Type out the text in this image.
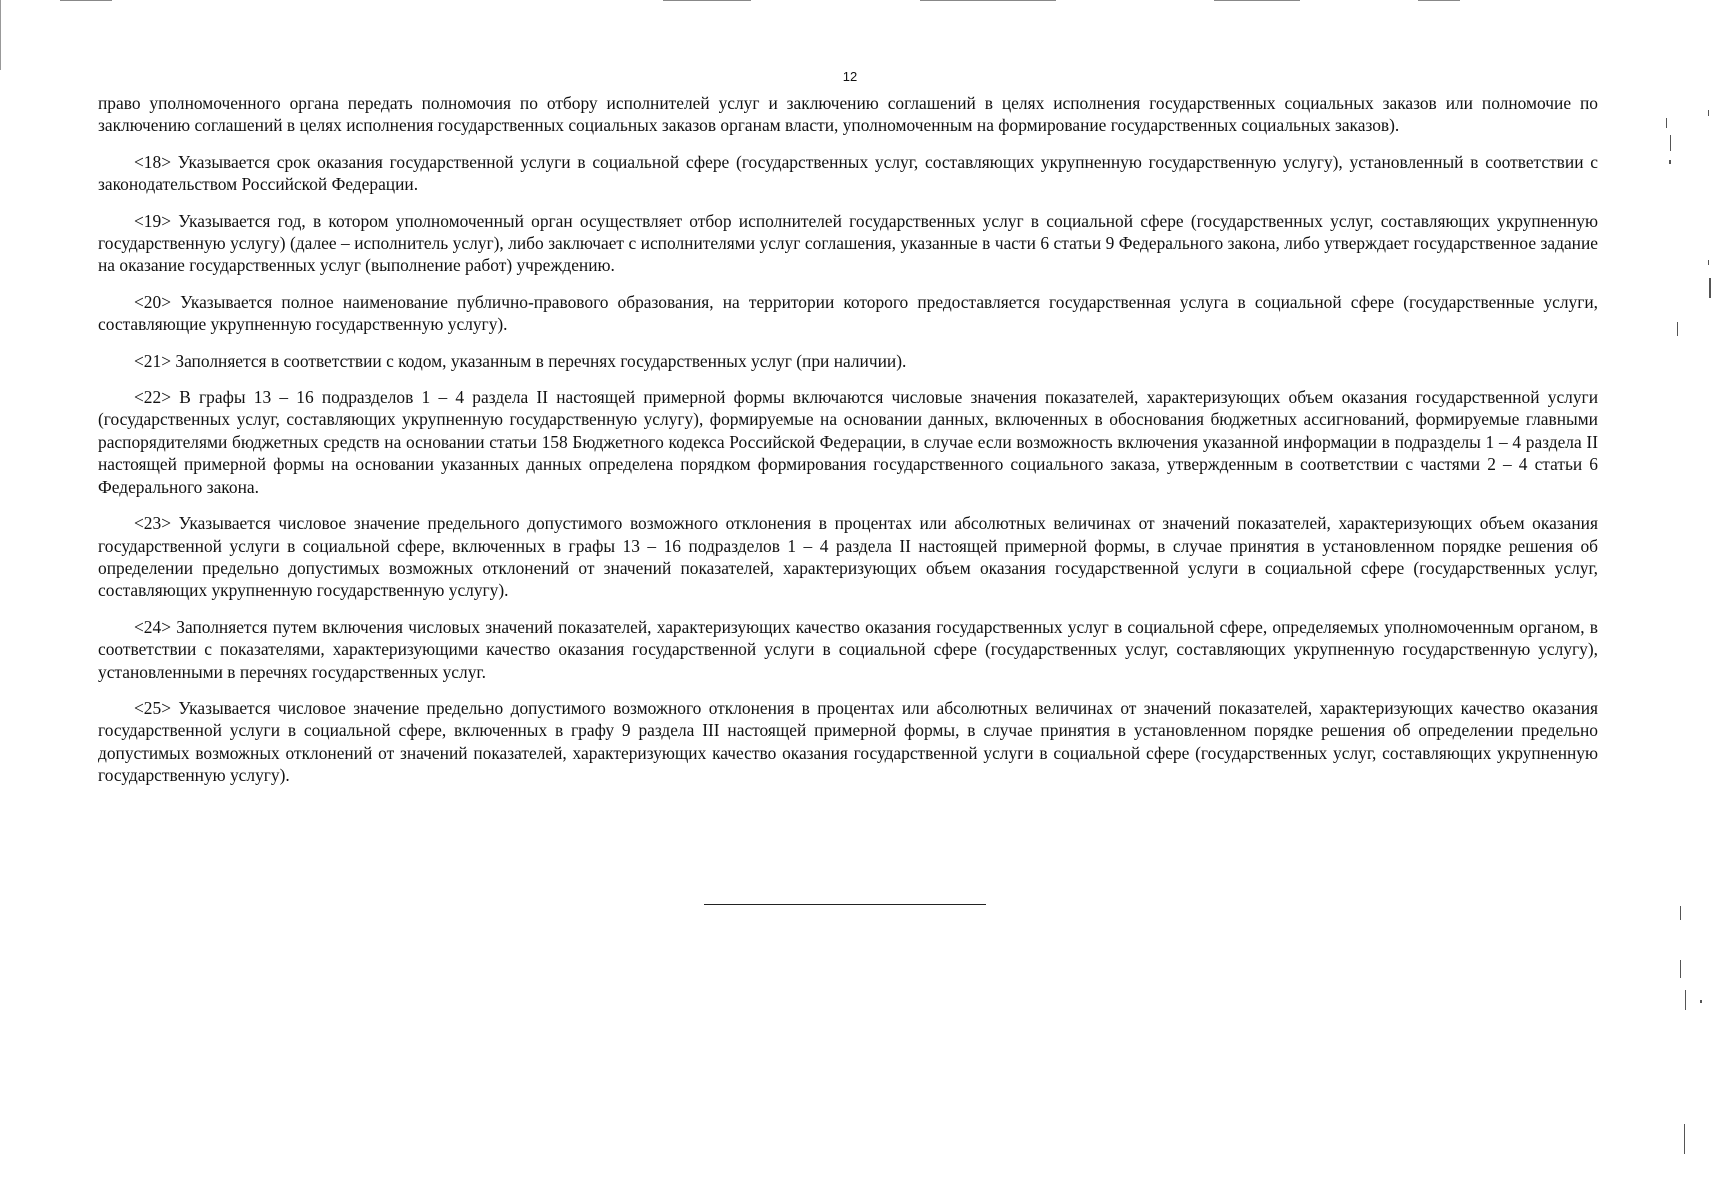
12

право уполномоченного органа передать полномочия по отбору исполнителей услуг и заключению соглашений в целях исполнения государственных социальных заказов или полномочие по заключению соглашений в целях исполнения государственных социальных заказов органам власти, уполномоченным на формирование государственных социальных заказов).

<18> Указывается срок оказания государственной услуги в социальной сфере (государственных услуг, составляющих укрупненную государственную услугу), установленный в соответствии с законодательством Российской Федерации.

<19> Указывается год, в котором уполномоченный орган осуществляет отбор исполнителей государственных услуг в социальной сфере (государственных услуг, составляющих укрупненную государственную услугу) (далее – исполнитель услуг), либо заключает с исполнителями услуг соглашения, указанные в части 6 статьи 9 Федерального закона, либо утверждает государственное задание на оказание государственных услуг (выполнение работ) учреждению.

<20> Указывается полное наименование публично-правового образования, на территории которого предоставляется государственная услуга в социальной сфере (государственные услуги, составляющие укрупненную государственную услугу).

<21> Заполняется в соответствии с кодом, указанным в перечнях государственных услуг (при наличии).

<22> В графы 13 – 16 подразделов 1 – 4 раздела II настоящей примерной формы включаются числовые значения показателей, характеризующих объем оказания государственной услуги (государственных услуг, составляющих укрупненную государственную услугу), формируемые на основании данных, включенных в обоснования бюджетных ассигнований, формируемые главными распорядителями бюджетных средств на основании статьи 158 Бюджетного кодекса Российской Федерации, в случае если возможность включения указанной информации в подразделы 1 – 4 раздела II настоящей примерной формы на основании указанных данных определена порядком формирования государственного социального заказа, утвержденным в соответствии с частями 2 – 4 статьи 6 Федерального закона.

<23> Указывается числовое значение предельного допустимого возможного отклонения в процентах или абсолютных величинах от значений показателей, характеризующих объем оказания государственной услуги в социальной сфере, включенных в графы 13 – 16 подразделов 1 – 4 раздела II настоящей примерной формы, в случае принятия в установленном порядке решения об определении предельно допустимых возможных отклонений от значений показателей, характеризующих объем оказания государственной услуги в социальной сфере (государственных услуг, составляющих укрупненную государственную услугу).

<24> Заполняется путем включения числовых значений показателей, характеризующих качество оказания государственных услуг в социальной сфере, определяемых уполномоченным органом, в соответствии с показателями, характеризующими качество оказания государственной услуги в социальной сфере (государственных услуг, составляющих укрупненную государственную услугу), установленными в перечнях государственных услуг.

<25> Указывается числовое значение предельно допустимого возможного отклонения в процентах или абсолютных величинах от значений показателей, характеризующих качество оказания государственной услуги в социальной сфере, включенных в графу 9 раздела III настоящей примерной формы, в случае принятия в установленном порядке решения об определении предельно допустимых возможных отклонений от значений показателей, характеризующих качество оказания государственной услуги в социальной сфере (государственных услуг, составляющих укрупненную государственную услугу).
